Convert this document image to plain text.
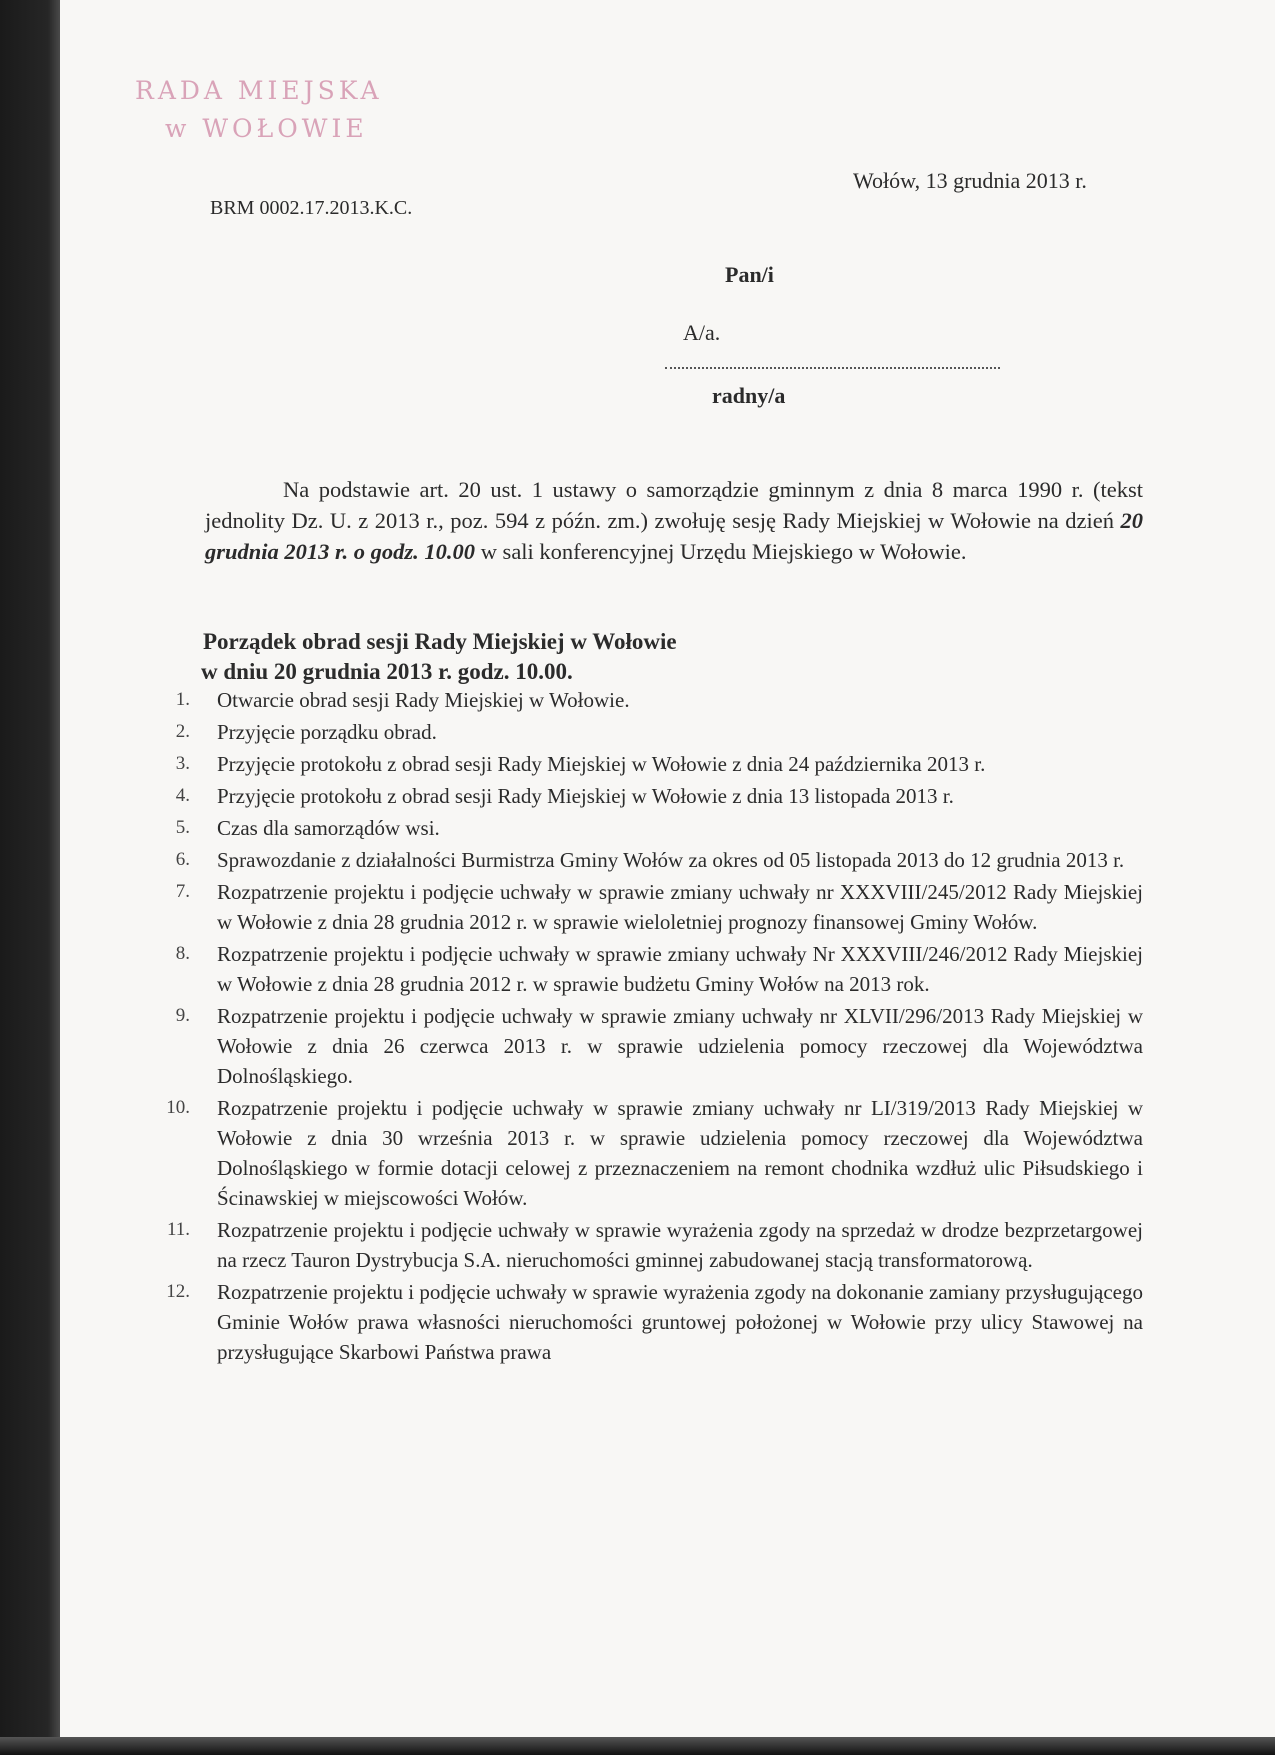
RADA MIEJSKA
w WOŁOWIE
BRM 0002.17.2013.K.C.
Wołów, 13 grudnia 2013 r.
Pan/i
A/a.
radny/a
Na podstawie art. 20 ust. 1 ustawy o samorządzie gminnym z dnia 8 marca 1990 r. (tekst jednolity Dz. U. z 2013 r., poz. 594 z późn. zm.) zwołuję sesję Rady Miejskiej w Wołowie na dzień 20 grudnia 2013 r. o godz. 10.00 w sali konferencyjnej Urzędu Miejskiego w Wołowie.
Porządek obrad sesji Rady Miejskiej w Wołowie
w dniu 20 grudnia 2013 r. godz. 10.00.
1. Otwarcie obrad sesji Rady Miejskiej w Wołowie.
2. Przyjęcie porządku obrad.
3. Przyjęcie protokołu z obrad sesji Rady Miejskiej w Wołowie z dnia 24 października 2013 r.
4. Przyjęcie protokołu z obrad sesji Rady Miejskiej w Wołowie z dnia 13 listopada 2013 r.
5. Czas dla samorządów wsi.
6. Sprawozdanie z działalności Burmistrza Gminy Wołów za okres od 05 listopada 2013 do 12 grudnia 2013 r.
7. Rozpatrzenie projektu i podjęcie uchwały w sprawie zmiany uchwały nr XXXVIII/245/2012 Rady Miejskiej w Wołowie z dnia 28 grudnia 2012 r. w sprawie wieloletniej prognozy finansowej Gminy Wołów.
8. Rozpatrzenie projektu i podjęcie uchwały w sprawie zmiany uchwały Nr XXXVIII/246/2012 Rady Miejskiej w Wołowie z dnia 28 grudnia 2012 r. w sprawie budżetu Gminy Wołów na 2013 rok.
9. Rozpatrzenie projektu i podjęcie uchwały w sprawie zmiany uchwały nr XLVII/296/2013 Rady Miejskiej w Wołowie z dnia 26 czerwca 2013 r. w sprawie udzielenia pomocy rzeczowej dla Województwa Dolnośląskiego.
10. Rozpatrzenie projektu i podjęcie uchwały w sprawie zmiany uchwały nr LI/319/2013 Rady Miejskiej w Wołowie z dnia 30 września 2013 r. w sprawie udzielenia pomocy rzeczowej dla Województwa Dolnośląskiego w formie dotacji celowej z przeznaczeniem na remont chodnika wzdłuż ulic Piłsudskiego i Ścinawskiej w miejscowości Wołów.
11. Rozpatrzenie projektu i podjęcie uchwały w sprawie wyrażenia zgody na sprzedaż w drodze bezprzetargowej na rzecz Tauron Dystrybucja S.A. nieruchomości gminnej zabudowanej stacją transformatorową.
12. Rozpatrzenie projektu i podjęcie uchwały w sprawie wyrażenia zgody na dokonanie zamiany przysługującego Gminie Wołów prawa własności nieruchomości gruntowej położonej w Wołowie przy ulicy Stawowej na przysługujące Skarbowi Państwa prawa
